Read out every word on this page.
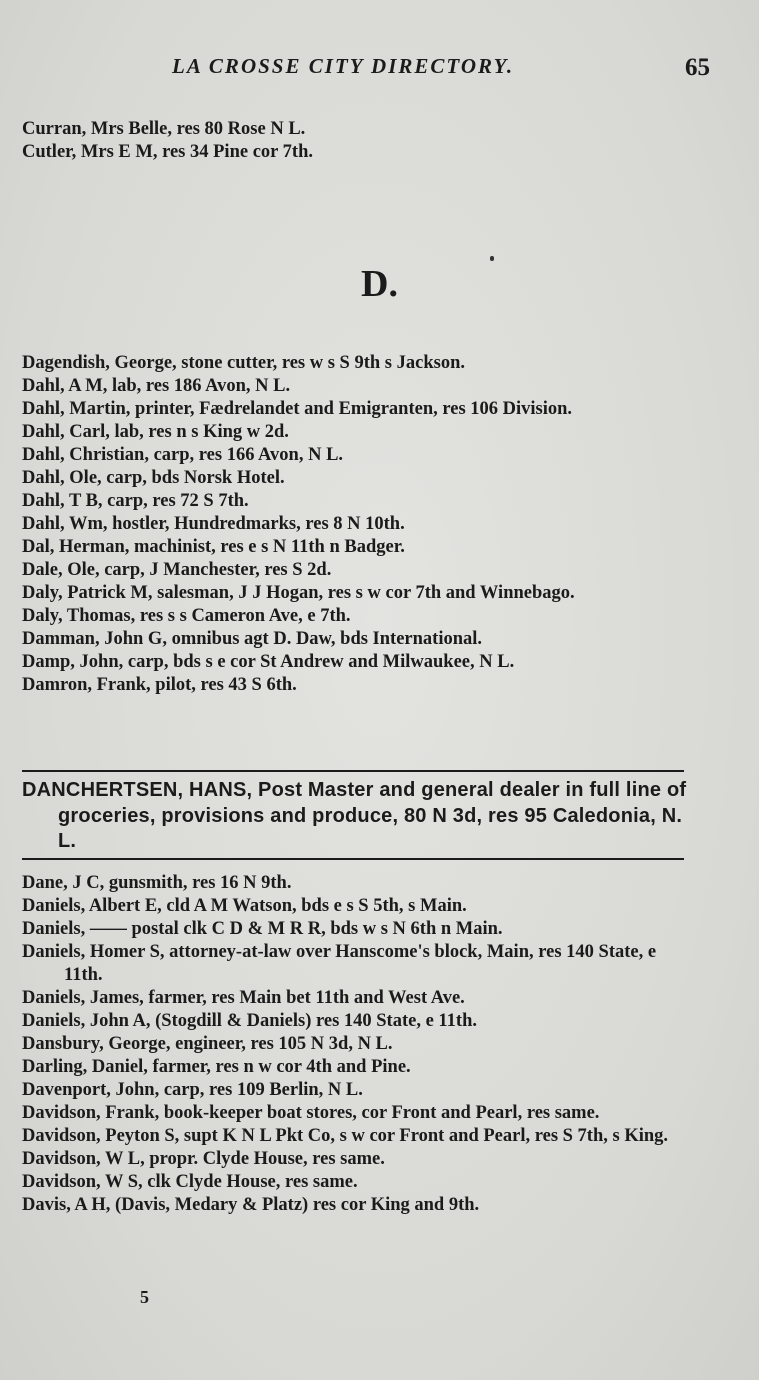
LA CROSSE CITY DIRECTORY.	65

Curran, Mrs Belle, res 80 Rose N L.

Cutler, Mrs E M, res 34 Pine cor 7th.

D.

Dagendish, George, stone cutter, res w s S 9th s Jackson.

Dahl, A M, lab, res 186 Avon, N L.

Dahl, Martin, printer, Fædrelandet and Emigranten, res 106 Division.

Dahl, Carl, lab, res n s King w 2d.

Dahl, Christian, carp, res 166 Avon, N L.

Dahl, Ole, carp, bds Norsk Hotel.

Dahl, T B, carp, res 72 S 7th.

Dahl, Wm, hostler, Hundredmarks, res 8 N 10th.

Dal, Herman, machinist, res e s N 11th n Badger.

Dale, Ole, carp, J Manchester, res S 2d.

Daly, Patrick M, salesman, J J Hogan, res s w cor 7th and Winnebago.

Daly, Thomas, res s s Cameron Ave, e 7th.

Damman, John G, omnibus agt D. Daw, bds International.

Damp, John, carp, bds s e cor St Andrew and Milwaukee, N L.

Damron, Frank, pilot, res 43 S 6th.

DANCHERTSEN, HANS, Post Master and general dealer in full line of groceries, provisions and produce, 80 N 3d, res 95 Caledonia, N. L.

Dane, J C, gunsmith, res 16 N 9th.

Daniels, Albert E, cld A M Watson, bds e s S 5th, s Main.

Daniels, —— postal clk C D & M R R, bds w s N 6th n Main.

Daniels, Homer S, attorney-at-law over Hanscome's block, Main, res 140 State, e 11th.

Daniels, James, farmer, res Main bet 11th and West Ave.

Daniels, John A, (Stogdill & Daniels) res 140 State, e 11th.

Dansbury, George, engineer, res 105 N 3d, N L.

Darling, Daniel, farmer, res n w cor 4th and Pine.

Davenport, John, carp, res 109 Berlin, N L.

Davidson, Frank, book-keeper boat stores, cor Front and Pearl, res same.

Davidson, Peyton S, supt K N L Pkt Co, s w cor Front and Pearl, res S 7th, s King.

Davidson, W L, propr. Clyde House, res same.

Davidson, W S, clk Clyde House, res same.

Davis, A H, (Davis, Medary & Platz) res cor King and 9th.

5
